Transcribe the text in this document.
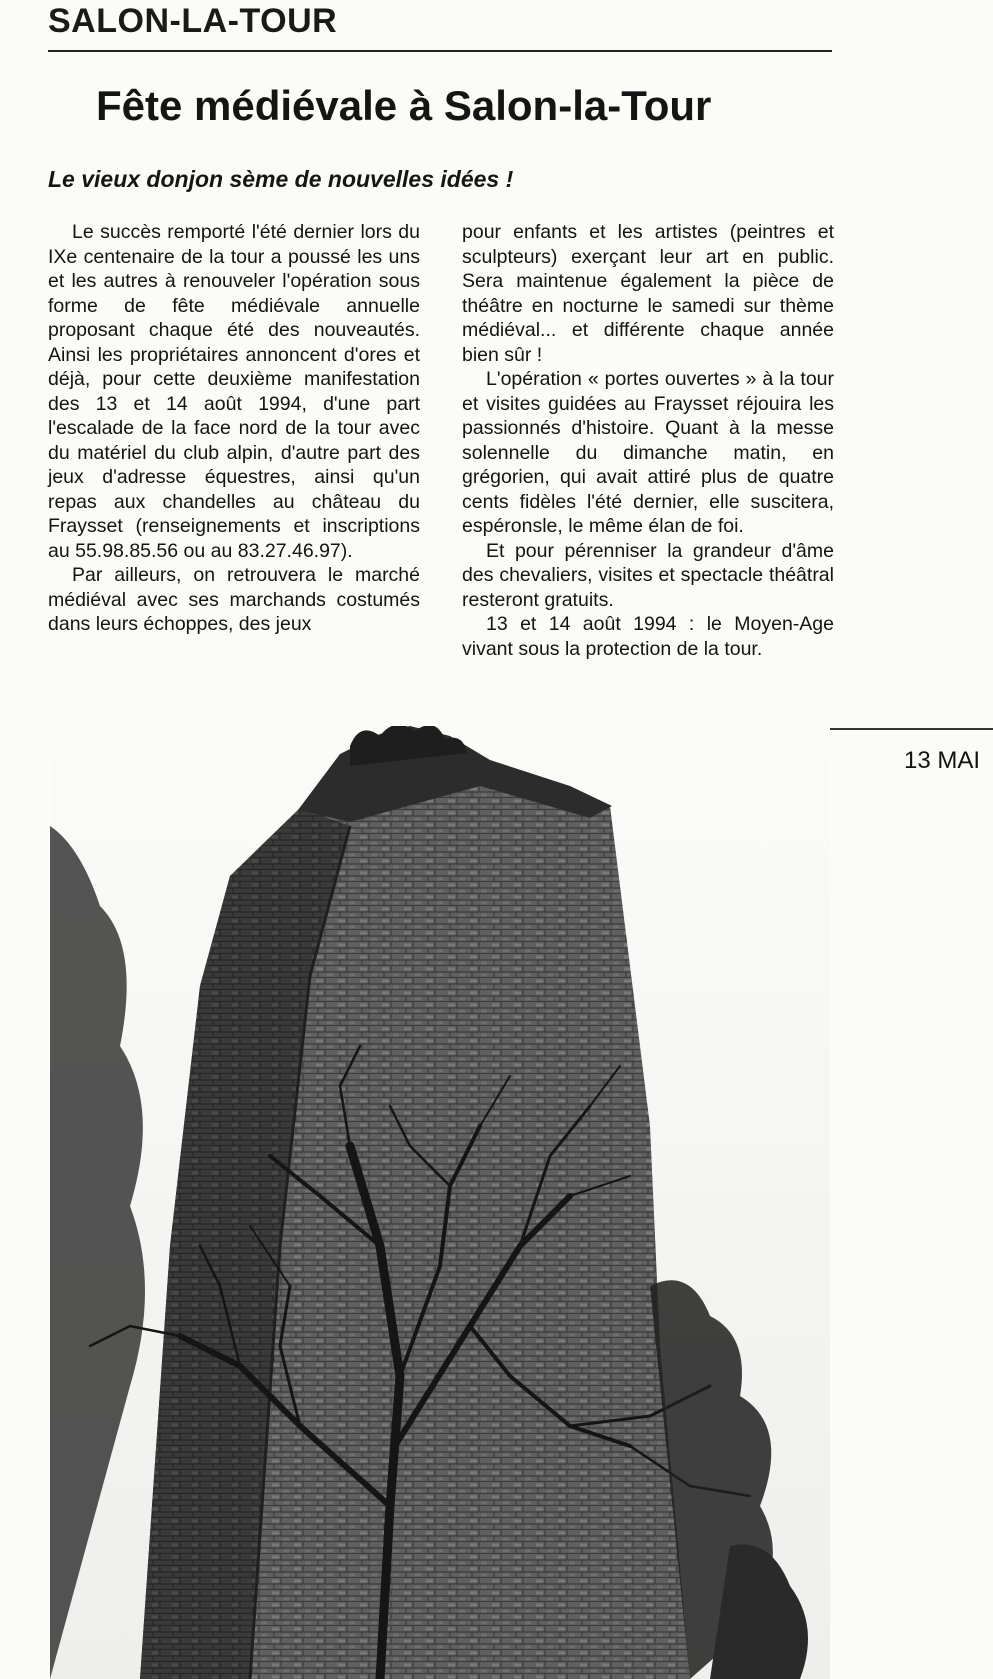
SALON-LA-TOUR
Fête médiévale à Salon-la-Tour
Le vieux donjon sème de nouvelles idées !

Le succès remporté l'été dernier lors du IXe centenaire de la tour a poussé les uns et les autres à renouveler l'opération sous forme de fête médiévale annuelle proposant chaque été des nouveautés. Ainsi les propriétaires annoncent d'ores et déjà, pour cette deuxième manifestation des 13 et 14 août 1994, d'une part l'escalade de la face nord de la tour avec du matériel du club alpin, d'autre part des jeux d'adresse équestres, ainsi qu'un repas aux chandelles au château du Fraysset (renseignements et inscriptions au 55.98.85.56 ou au 83.27.46.97).

Par ailleurs, on retrouvera le marché médiéval avec ses marchands costumés dans leurs échoppes, des jeux

pour enfants et les artistes (peintres et sculpteurs) exerçant leur art en public. Sera maintenue également la pièce de théâtre en nocturne le samedi sur thème médiéval... et différente chaque année bien sûr !

L'opération « portes ouvertes » à la tour et visites guidées au Fraysset réjouira les passionnés d'histoire. Quant à la messe solennelle du dimanche matin, en grégorien, qui avait attiré plus de quatre cents fidèles l'été dernier, elle suscitera, espéronsle, le même élan de foi.

Et pour pérenniser la grandeur d'âme des chevaliers, visites et spectacle théâtral resteront gratuits.

13 et 14 août 1994 : le Moyen-Age vivant sous la protection de la tour.

13 MAI
